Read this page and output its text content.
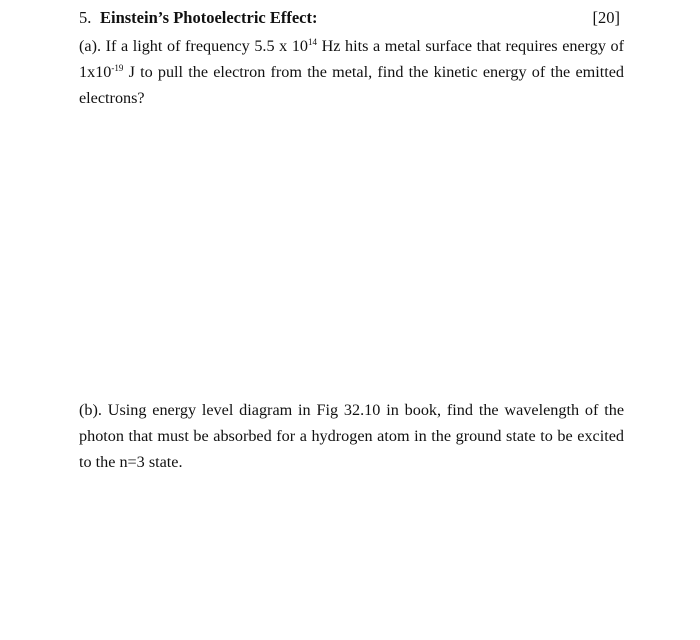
5. Einstein’s Photoelectric Effect:	[20]
(a). If a light of frequency 5.5 x $10^{14}$ Hz hits a metal surface that requires energy of
$1x10^{-19}$ J to pull the electron from the metal, find the kinetic energy of the emitted
electrons?
(b). Using energy level diagram in Fig 32.10 in book, find the wavelength of the
photon that must be absorbed for a hydrogen atom in the ground state to be excited
to the n=3 state.
